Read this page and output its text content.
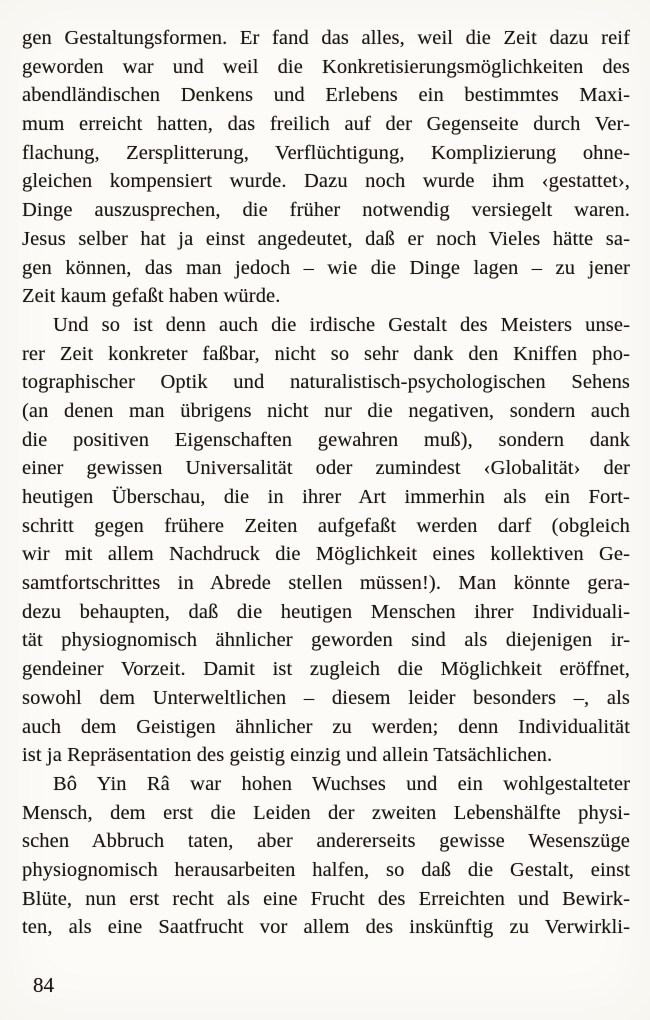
gen Gestaltungsformen. Er fand das alles, weil die Zeit dazu reif
geworden war und weil die Konkretisierungsmöglichkeiten des
abendländischen Denkens und Erlebens ein bestimmtes Maxi-
mum erreicht hatten, das freilich auf der Gegenseite durch Ver-
flachung, Zersplitterung, Verflüchtigung, Komplizierung ohne-
gleichen kompensiert wurde. Dazu noch wurde ihm ‹gestattet›,
Dinge auszusprechen, die früher notwendig versiegelt waren.
Jesus selber hat ja einst angedeutet, daß er noch Vieles hätte sa-
gen können, das man jedoch – wie die Dinge lagen – zu jener
Zeit kaum gefaßt haben würde.
Und so ist denn auch die irdische Gestalt des Meisters unse-
rer Zeit konkreter faßbar, nicht so sehr dank den Kniffen pho-
tographischer Optik und naturalistisch-psychologischen Sehens
(an denen man übrigens nicht nur die negativen, sondern auch
die positiven Eigenschaften gewahren muß), sondern dank
einer gewissen Universalität oder zumindest ‹Globalität› der
heutigen Überschau, die in ihrer Art immerhin als ein Fort-
schritt gegen frühere Zeiten aufgefaßt werden darf (obgleich
wir mit allem Nachdruck die Möglichkeit eines kollektiven Ge-
samtfortschrittes in Abrede stellen müssen!). Man könnte gera-
dezu behaupten, daß die heutigen Menschen ihrer Individuali-
tät physiognomisch ähnlicher geworden sind als diejenigen ir-
gendeiner Vorzeit. Damit ist zugleich die Möglichkeit eröffnet,
sowohl dem Unterweltlichen – diesem leider besonders –, als
auch dem Geistigen ähnlicher zu werden; denn Individualität
ist ja Repräsentation des geistig einzig und allein Tatsächlichen.
Bô Yin Râ war hohen Wuchses und ein wohlgestalteter
Mensch, dem erst die Leiden der zweiten Lebenshälfte physi-
schen Abbruch taten, aber andererseits gewisse Wesenszüge
physiognomisch herausarbeiten halfen, so daß die Gestalt, einst
Blüte, nun erst recht als eine Frucht des Erreichten und Bewirk-
ten, als eine Saatfrucht vor allem des inskünftig zu Verwirkli-
84
